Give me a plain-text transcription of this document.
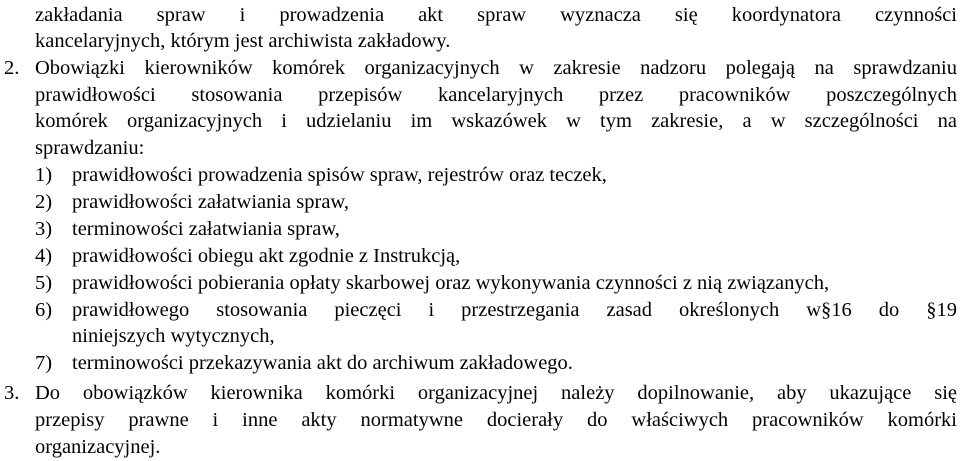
zakładania spraw i prowadzenia akt spraw wyznacza się koordynatora czynności
kancelaryjnych, którym jest archiwista zakładowy.
2. Obowiązki kierowników komórek organizacyjnych w zakresie nadzoru polegają na sprawdzaniu
prawidłowości stosowania przepisów kancelaryjnych przez pracowników poszczególnych
komórek organizacyjnych i udzielaniu im wskazówek w tym zakresie, a w szczególności na
sprawdzaniu:
1) prawidłowości prowadzenia spisów spraw, rejestrów oraz teczek,
2) prawidłowości załatwiania spraw,
3) terminowości załatwiania spraw,
4) prawidłowości obiegu akt zgodnie z Instrukcją,
5) prawidłowości pobierania opłaty skarbowej oraz wykonywania czynności z nią związanych,
6) prawidłowego stosowania pieczęci i przestrzegania zasad określonych w§16 do §19
niniejszych wytycznych,
7) terminowości przekazywania akt do archiwum zakładowego.
3. Do obowiązków kierownika komórki organizacyjnej należy dopilnowanie, aby ukazujące się
przepisy prawne i inne akty normatywne docierały do właściwych pracowników komórki
organizacyjnej.
